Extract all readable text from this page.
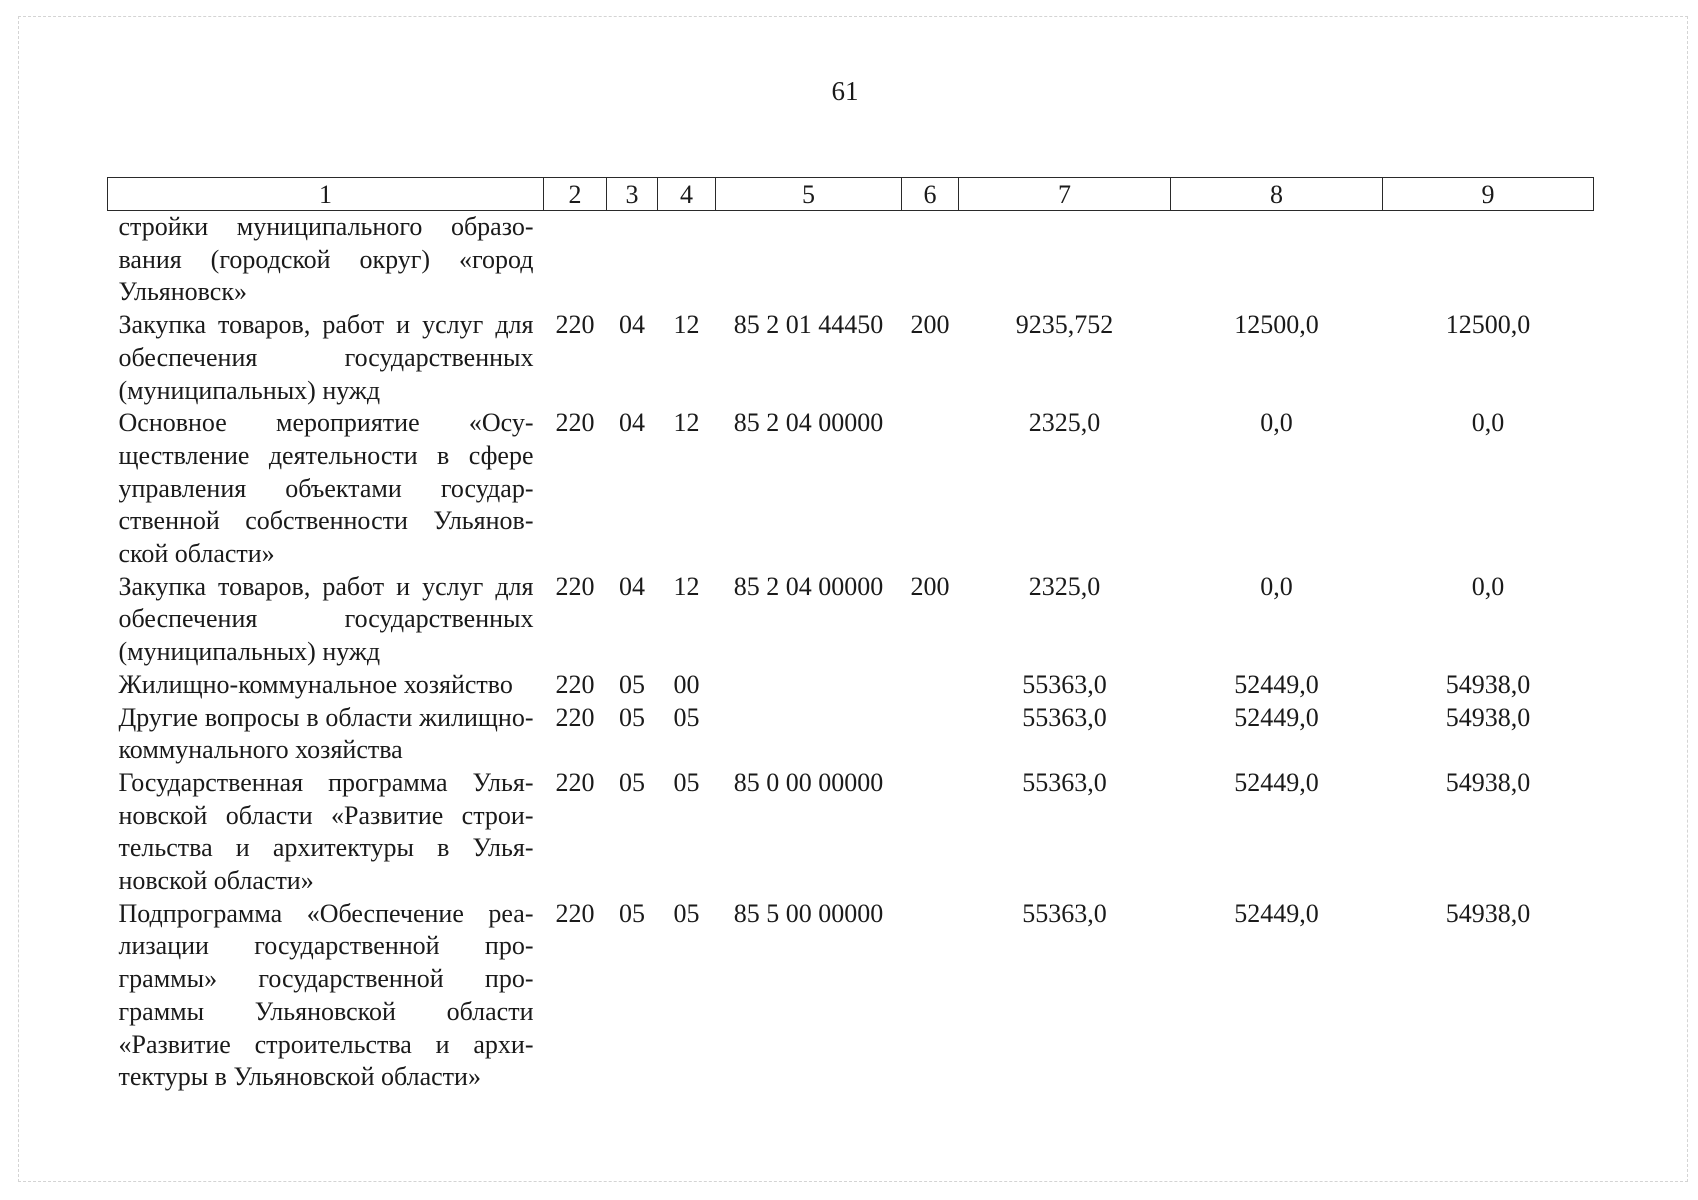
61
1	2	3	4	5	6	7	8	9
стройки муниципального образования (городской округ) «город Ульяновск»								
Закупка товаров, работ и услуг для обеспечения государственных (муниципальных) нужд	220	04	12	85 2 01 44450	200	9235,752	12500,0	12500,0
Основное мероприятие «Осуществление деятельности в сфере управления объектами государственной собственности Ульяновской области»	220	04	12	85 2 04 00000		2325,0	0,0	0,0
Закупка товаров, работ и услуг для обеспечения государственных (муниципальных) нужд	220	04	12	85 2 04 00000	200	2325,0	0,0	0,0
Жилищно-коммунальное хозяйство	220	05	00			55363,0	52449,0	54938,0
Другие вопросы в области жилищно-коммунального хозяйства	220	05	05			55363,0	52449,0	54938,0
Государственная программа Ульяновской области «Развитие строительства и архитектуры в Ульяновской области»	220	05	05	85 0 00 00000		55363,0	52449,0	54938,0
Подпрограмма «Обеспечение реализации государственной программы» государственной программы Ульяновской области «Развитие строительства и архитектуры в Ульяновской области»	220	05	05	85 5 00 00000		55363,0	52449,0	54938,0
